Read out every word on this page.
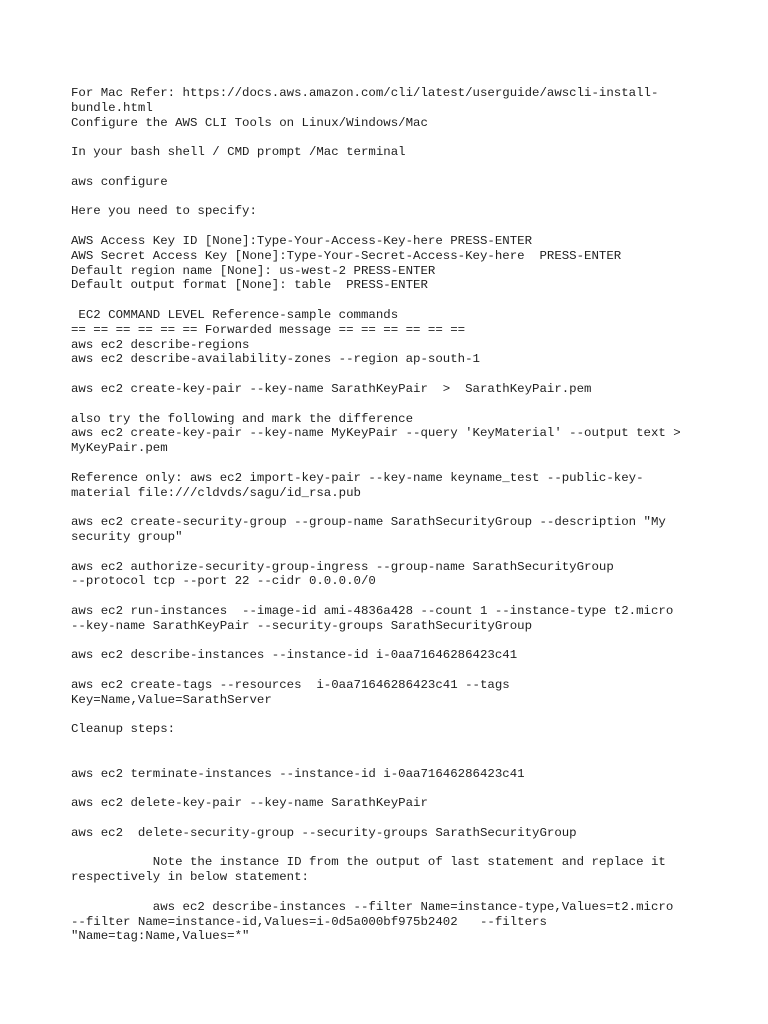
For Mac Refer: https://docs.aws.amazon.com/cli/latest/userguide/awscli-install-
bundle.html
Configure the AWS CLI Tools on Linux/Windows/Mac
In your bash shell / CMD prompt /Mac terminal
aws configure
Here you need to specify:
AWS Access Key ID [None]:Type-Your-Access-Key-here PRESS-ENTER
AWS Secret Access Key [None]:Type-Your-Secret-Access-Key-here  PRESS-ENTER
Default region name [None]: us-west-2 PRESS-ENTER
Default output format [None]: table  PRESS-ENTER
EC2 COMMAND LEVEL Reference-sample commands
== == == == == == Forwarded message == == == == == ==
aws ec2 describe-regions
aws ec2 describe-availability-zones --region ap-south-1
aws ec2 create-key-pair --key-name SarathKeyPair  >  SarathKeyPair.pem
also try the following and mark the difference
aws ec2 create-key-pair --key-name MyKeyPair --query 'KeyMaterial' --output text >
MyKeyPair.pem
Reference only: aws ec2 import-key-pair --key-name keyname_test --public-key-
material file:///cldvds/sagu/id_rsa.pub
aws ec2 create-security-group --group-name SarathSecurityGroup --description "My
security group"
aws ec2 authorize-security-group-ingress --group-name SarathSecurityGroup
--protocol tcp --port 22 --cidr 0.0.0.0/0
aws ec2 run-instances  --image-id ami-4836a428 --count 1 --instance-type t2.micro
--key-name SarathKeyPair --security-groups SarathSecurityGroup
aws ec2 describe-instances --instance-id i-0aa71646286423c41
aws ec2 create-tags --resources  i-0aa71646286423c41 --tags
Key=Name,Value=SarathServer
Cleanup steps:
aws ec2 terminate-instances --instance-id i-0aa71646286423c41
aws ec2 delete-key-pair --key-name SarathKeyPair
aws ec2  delete-security-group --security-groups SarathSecurityGroup
Note the instance ID from the output of last statement and replace it
respectively in below statement:
aws ec2 describe-instances --filter Name=instance-type,Values=t2.micro
--filter Name=instance-id,Values=i-0d5a000bf975b2402   --filters
"Name=tag:Name,Values=*"
